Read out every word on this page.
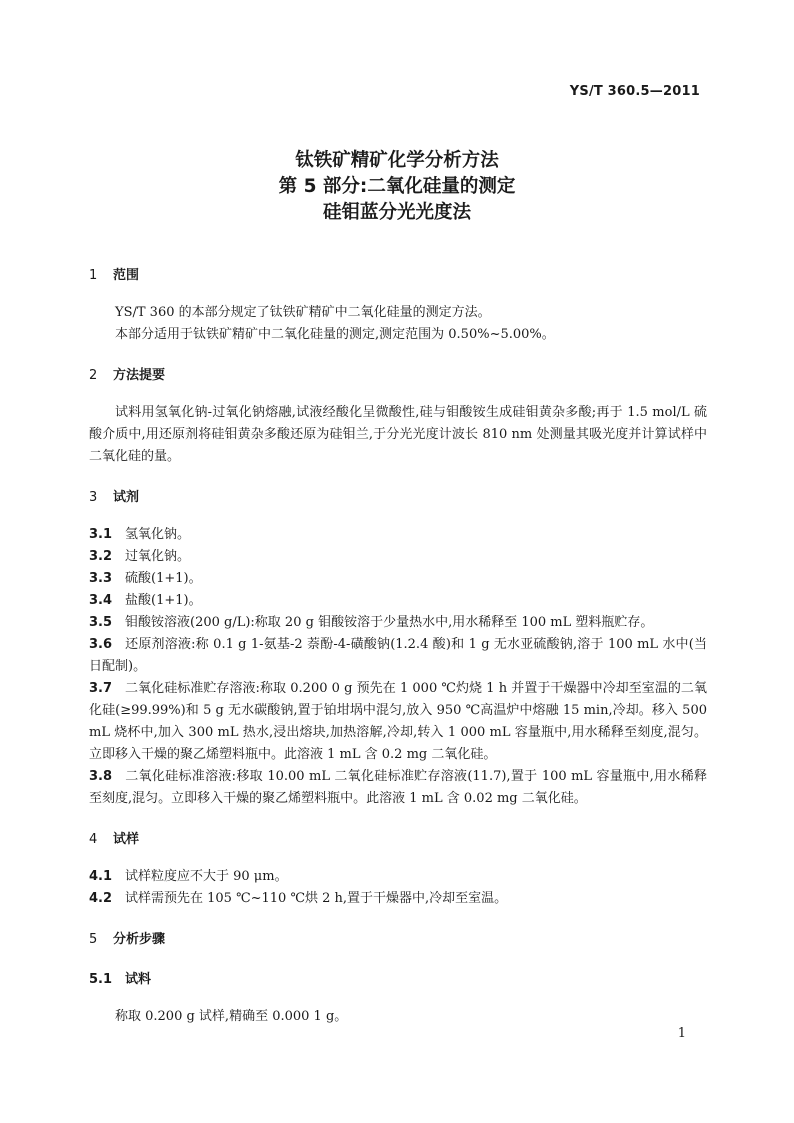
YS/T 360.5—2011
钛铁矿精矿化学分析方法
第 5 部分:二氧化硅量的测定
硅钼蓝分光光度法
1 范围
YS/T 360 的本部分规定了钛铁矿精矿中二氧化硅量的测定方法。
本部分适用于钛铁矿精矿中二氧化硅量的测定,测定范围为 0.50%~5.00%。
2 方法提要
试料用氢氧化钠-过氧化钠熔融,试液经酸化呈微酸性,硅与钼酸铵生成硅钼黄杂多酸;再于 1.5 mol/L 硫酸介质中,用还原剂将硅钼黄杂多酸还原为硅钼兰,于分光光度计波长 810 nm 处测量其吸光度并计算试样中二氧化硅的量。
3 试剂
3.1 氢氧化钠。
3.2 过氧化钠。
3.3 硫酸(1+1)。
3.4 盐酸(1+1)。
3.5 钼酸铵溶液(200 g/L):称取 20 g 钼酸铵溶于少量热水中,用水稀释至 100 mL 塑料瓶贮存。
3.6 还原剂溶液:称 0.1 g 1-氨基-2 萘酚-4-磺酸钠(1.2.4 酸)和 1 g 无水亚硫酸钠,溶于 100 mL 水中(当日配制)。
3.7 二氧化硅标准贮存溶液:称取 0.200 0 g 预先在 1 000 ℃灼烧 1 h 并置于干燥器中冷却至室温的二氧化硅(≥99.99%)和 5 g 无水碳酸钠,置于铂坩埚中混匀,放入 950 ℃高温炉中熔融 15 min,冷却。移入 500 mL 烧杯中,加入 300 mL 热水,浸出熔块,加热溶解,冷却,转入 1 000 mL 容量瓶中,用水稀释至刻度,混匀。立即移入干燥的聚乙烯塑料瓶中。此溶液 1 mL 含 0.2 mg 二氧化硅。
3.8 二氧化硅标准溶液:移取 10.00 mL 二氧化硅标准贮存溶液(11.7),置于 100 mL 容量瓶中,用水稀释至刻度,混匀。立即移入干燥的聚乙烯塑料瓶中。此溶液 1 mL 含 0.02 mg 二氧化硅。
4 试样
4.1 试样粒度应不大于 90 μm。
4.2 试样需预先在 105 ℃~110 ℃烘 2 h,置于干燥器中,冷却至室温。
5 分析步骤
5.1 试料
称取 0.200 g 试样,精确至 0.000 1 g。
1
